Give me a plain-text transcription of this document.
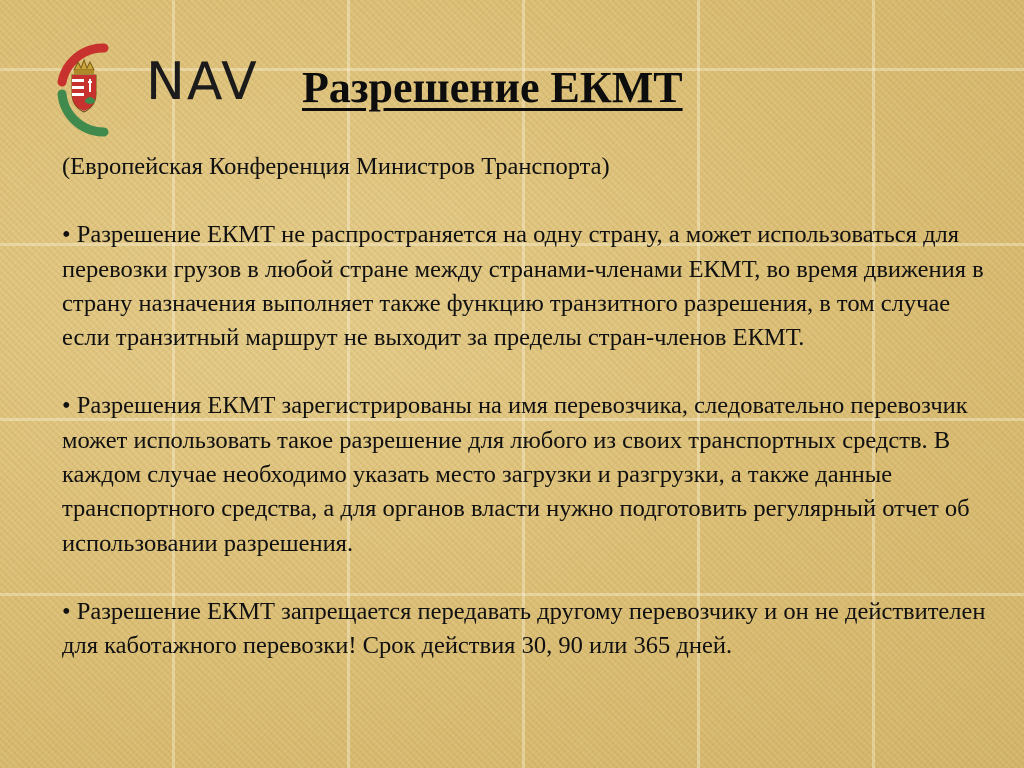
NAV Разрешение ЕКМТ

(Европейская Конференция Министров Транспорта)

• Разрешение ЕКМТ не распространяется на одну страну, а может использоваться для перевозки грузов в любой стране между странами-членами ЕКМТ, во время движения в страну назначения выполняет также функцию транзитного разрешения, в том случае если транзитный маршрут не выходит за пределы стран-членов ЕКМТ.

• Разрешения ЕКМТ зарегистрированы на имя перевозчика, следовательно перевозчик может использовать такое разрешение для любого из своих транспортных средств. В каждом случае необходимо указать место загрузки и разгрузки, а также данные транспортного средства, а для органов власти нужно подготовить регулярный отчет об использовании разрешения.

• Разрешение ЕКМТ запрещается передавать другому перевозчику и он не действителен для каботажного перевозки! Срок действия 30, 90 или 365 дней.
